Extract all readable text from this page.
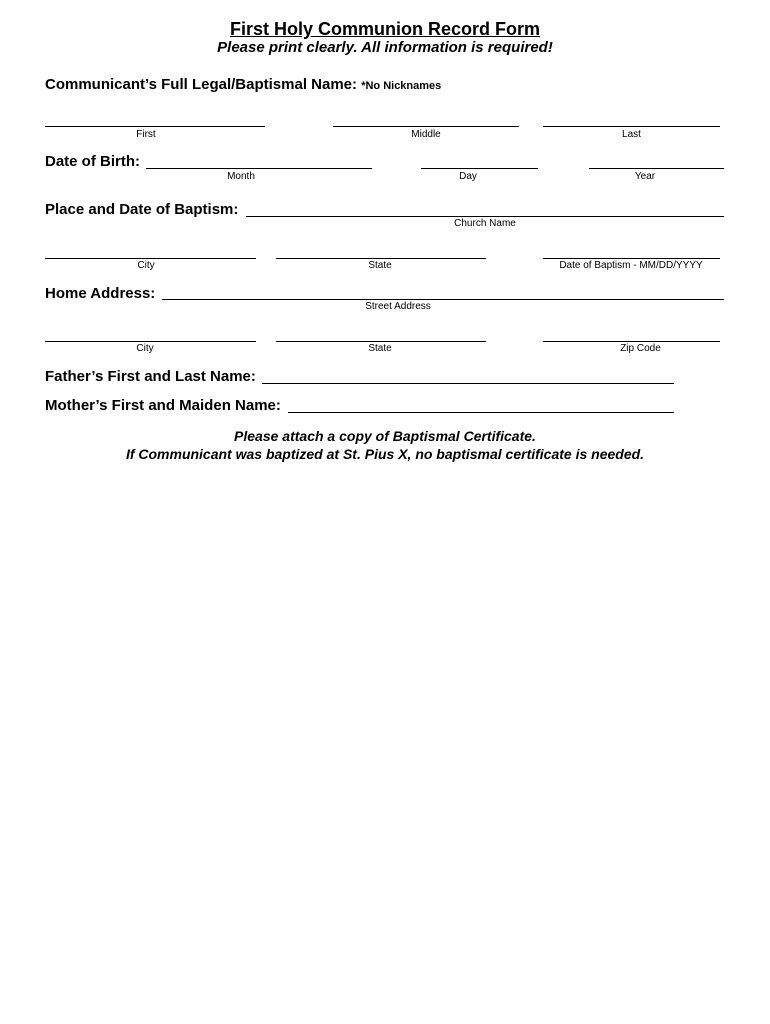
First Holy Communion Record Form
Please print clearly. All information is required!
Communicant’s Full Legal/Baptismal Name: *No Nicknames
First	Middle	Last
Date of Birth:
Month	Day	Year
Place and Date of Baptism:
Church Name
City	State	Date of Baptism - MM/DD/YYYY
Home Address:
Street Address
City	State	Zip Code
Father’s First and Last Name:
Mother’s First and Maiden Name:
Please attach a copy of Baptismal Certificate.
If Communicant was baptized at St. Pius X, no baptismal certificate is needed.
